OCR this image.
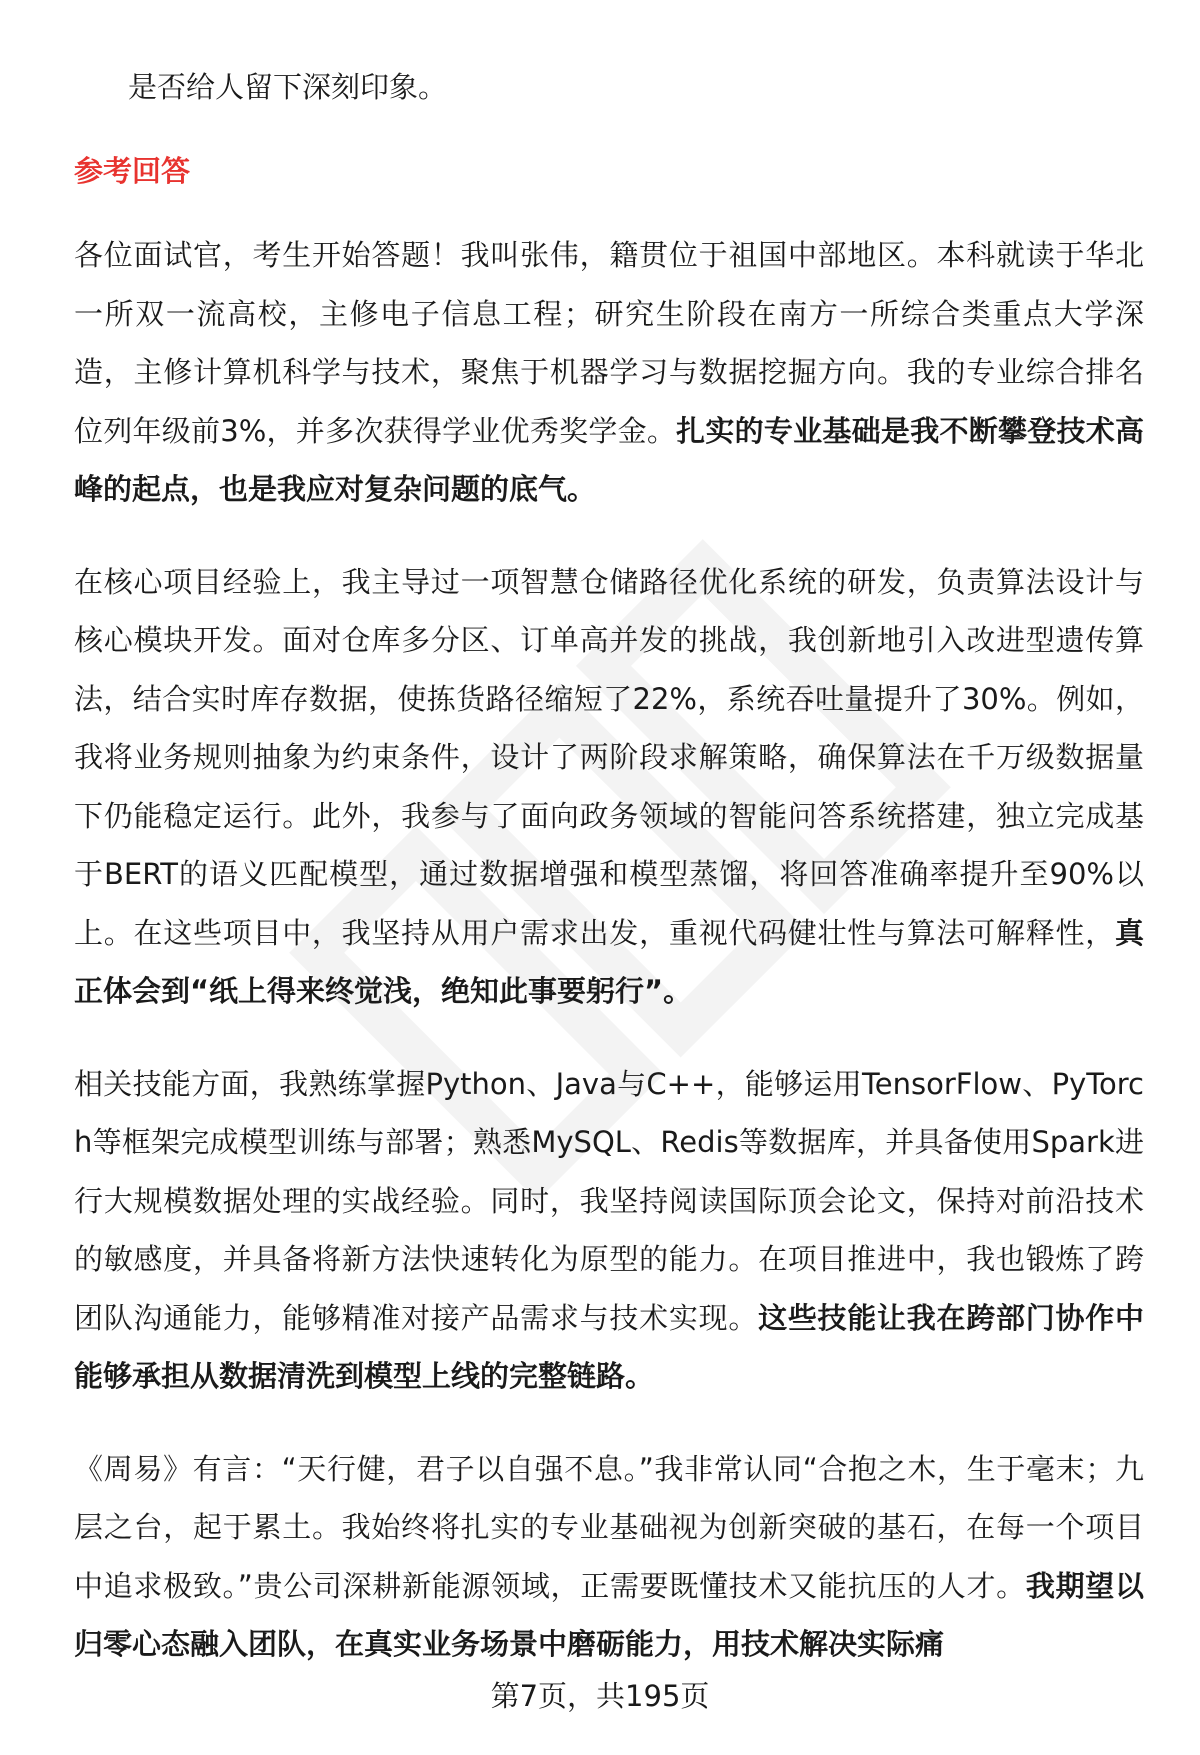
是否给人留下深刻印象。

参考回答

各位面试官，考生开始答题！我叫张伟，籍贯位于祖国中部地区。本科就读于华北一所双一流高校，主修电子信息工程；研究生阶段在南方一所综合类重点大学深造，主修计算机科学与技术，聚焦于机器学习与数据挖掘方向。我的专业综合排名位列年级前3%，并多次获得学业优秀奖学金。扎实的专业基础是我不断攀登技术高峰的起点，也是我应对复杂问题的底气。

在核心项目经验上，我主导过一项智慧仓储路径优化系统的研发，负责算法设计与核心模块开发。面对仓库多分区、订单高并发的挑战，我创新地引入改进型遗传算法，结合实时库存数据，使拣货路径缩短了22%，系统吞吐量提升了30%。例如，我将业务规则抽象为约束条件，设计了两阶段求解策略，确保算法在千万级数据量下仍能稳定运行。此外，我参与了面向政务领域的智能问答系统搭建，独立完成基于BERT的语义匹配模型，通过数据增强和模型蒸馏，将回答准确率提升至90%以上。在这些项目中，我坚持从用户需求出发，重视代码健壮性与算法可解释性，真正体会到“纸上得来终觉浅，绝知此事要躬行”。

相关技能方面，我熟练掌握Python、Java与C++，能够运用TensorFlow、PyTorch等框架完成模型训练与部署；熟悉MySQL、Redis等数据库，并具备使用Spark进行大规模数据处理的实战经验。同时，我坚持阅读国际顶会论文，保持对前沿技术的敏感度，并具备将新方法快速转化为原型的能力。在项目推进中，我也锻炼了跨团队沟通能力，能够精准对接产品需求与技术实现。这些技能让我在跨部门协作中能够承担从数据清洗到模型上线的完整链路。

《周易》有言：“天行健，君子以自强不息。”我非常认同“合抱之木，生于毫末；九层之台，起于累土。我始终将扎实的专业基础视为创新突破的基石，在每一个项目中追求极致。”贵公司深耕新能源领域，正需要既懂技术又能抗压的人才。我期望以归零心态融入团队，在真实业务场景中磨砺能力，用技术解决实际痛

第7页，共195页
